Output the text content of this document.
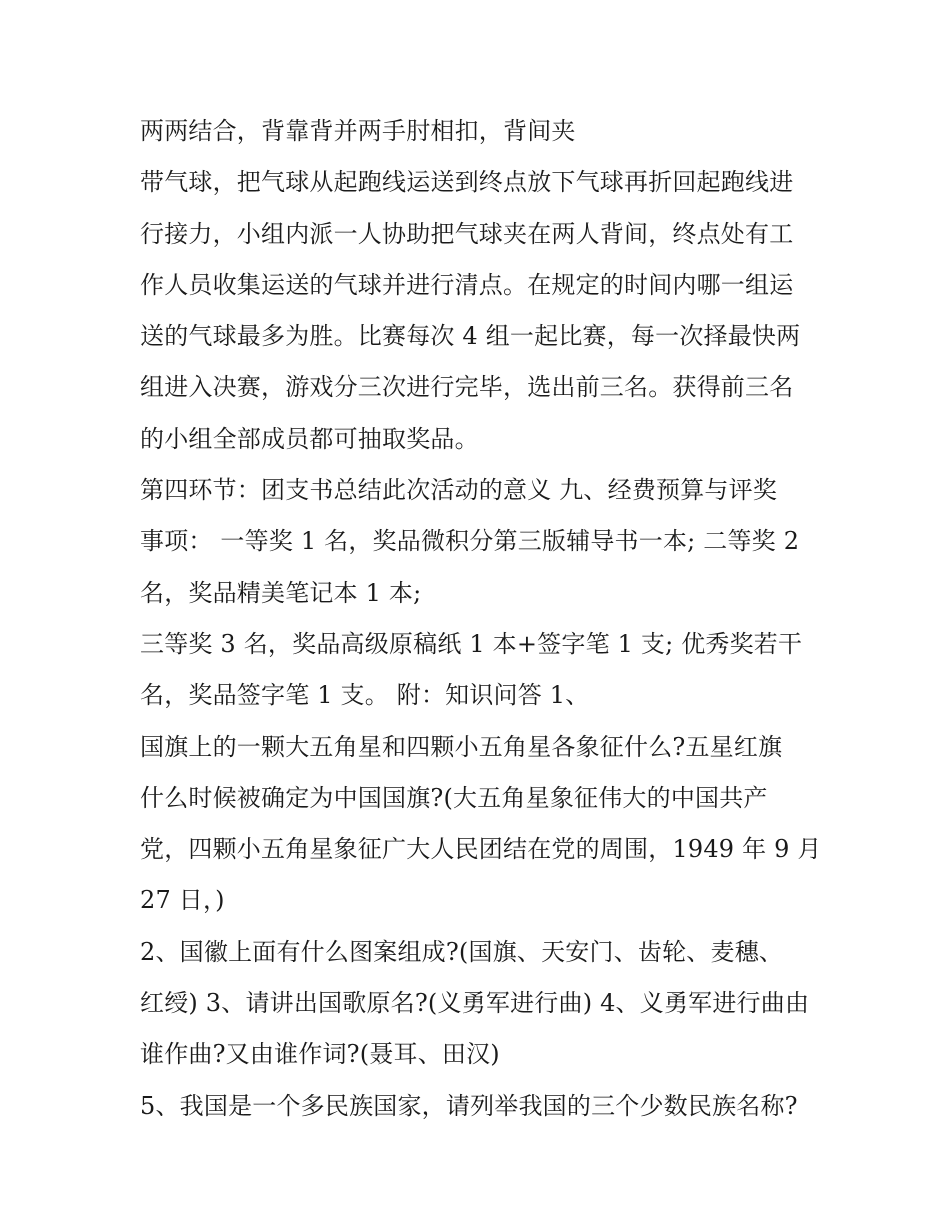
两两结合，背靠背并两手肘相扣，背间夹
带气球，把气球从起跑线运送到终点放下气球再折回起跑线进
行接力，小组内派一人协助把气球夹在两人背间，终点处有工
作人员收集运送的气球并进行清点。在规定的时间内哪一组运
送的气球最多为胜。比赛每次 4 组一起比赛，每一次择最快两
组进入决赛，游戏分三次进行完毕，选出前三名。获得前三名
的小组全部成员都可抽取奖品。
第四环节：团支书总结此次活动的意义 九、经费预算与评奖
事项： 一等奖 1 名，奖品微积分第三版辅导书一本; 二等奖 2
名，奖品精美笔记本 1 本;
三等奖 3 名，奖品高级原稿纸 1 本+签字笔 1 支; 优秀奖若干
名，奖品签字笔 1 支。 附：知识问答 1、
国旗上的一颗大五角星和四颗小五角星各象征什么?五星红旗
什么时候被确定为中国国旗?(大五角星象征伟大的中国共产
党，四颗小五角星象征广大人民团结在党的周围，1949 年 9 月
27 日，)
2、国徽上面有什么图案组成?(国旗、天安门、齿轮、麦穗、
红绶) 3、请讲出国歌原名?(义勇军进行曲) 4、义勇军进行曲由
谁作曲?又由谁作词?(聂耳、田汉)
5、我国是一个多民族国家，请列举我国的三个少数民族名称?
